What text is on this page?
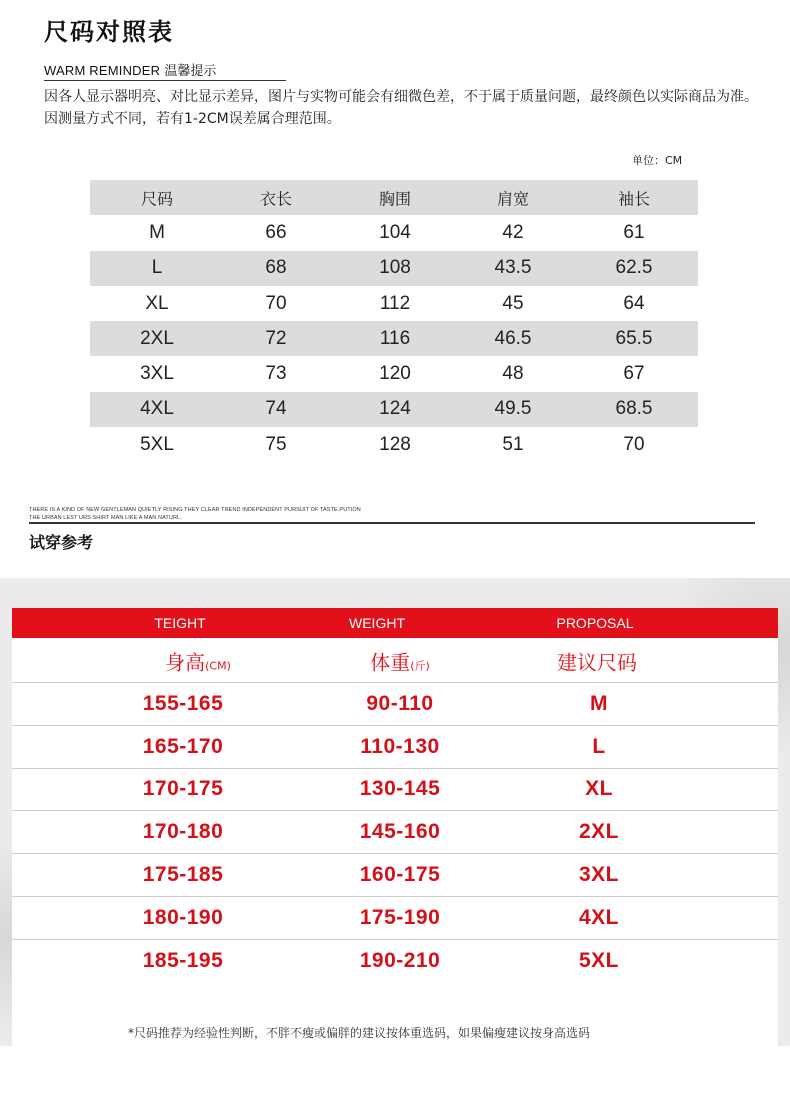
尺码对照表
WARM REMINDER 温馨提示
因各人显示器明亮、对比显示差异，图片与实物可能会有细微色差，不于属于质量问题，最终颜色以实际商品为准。因测量方式不同，若有1-2CM误差属合理范围。
单位：CM
尺码	衣长	胸围	肩宽	袖长
M	66	104	42	61
L	68	108	43.5	62.5
XL	70	112	45	64
2XL	72	116	46.5	65.5
3XL	73	120	48	67
4XL	74	124	49.5	68.5
5XL	75	128	51	70
THERE IS A KIND OF NEW GENTLEMAN QUIETLY RISING THEY CLEAR TREND INDEPENDENT PURSUIT OF TASTE.PUTION
THE URBAN LEST URS SHIRT MAN LIKE A MAN NATURL.
试穿参考
TEIGHT	WEIGHT	PROPOSAL
身高(CM)	体重(斤)	建议尺码
155-165	90-110	M
165-170	110-130	L
170-175	130-145	XL
170-180	145-160	2XL
175-185	160-175	3XL
180-190	175-190	4XL
185-195	190-210	5XL
*尺码推荐为经验性判断，不胖不瘦或偏胖的建议按体重选码，如果偏瘦建议按身高选码
